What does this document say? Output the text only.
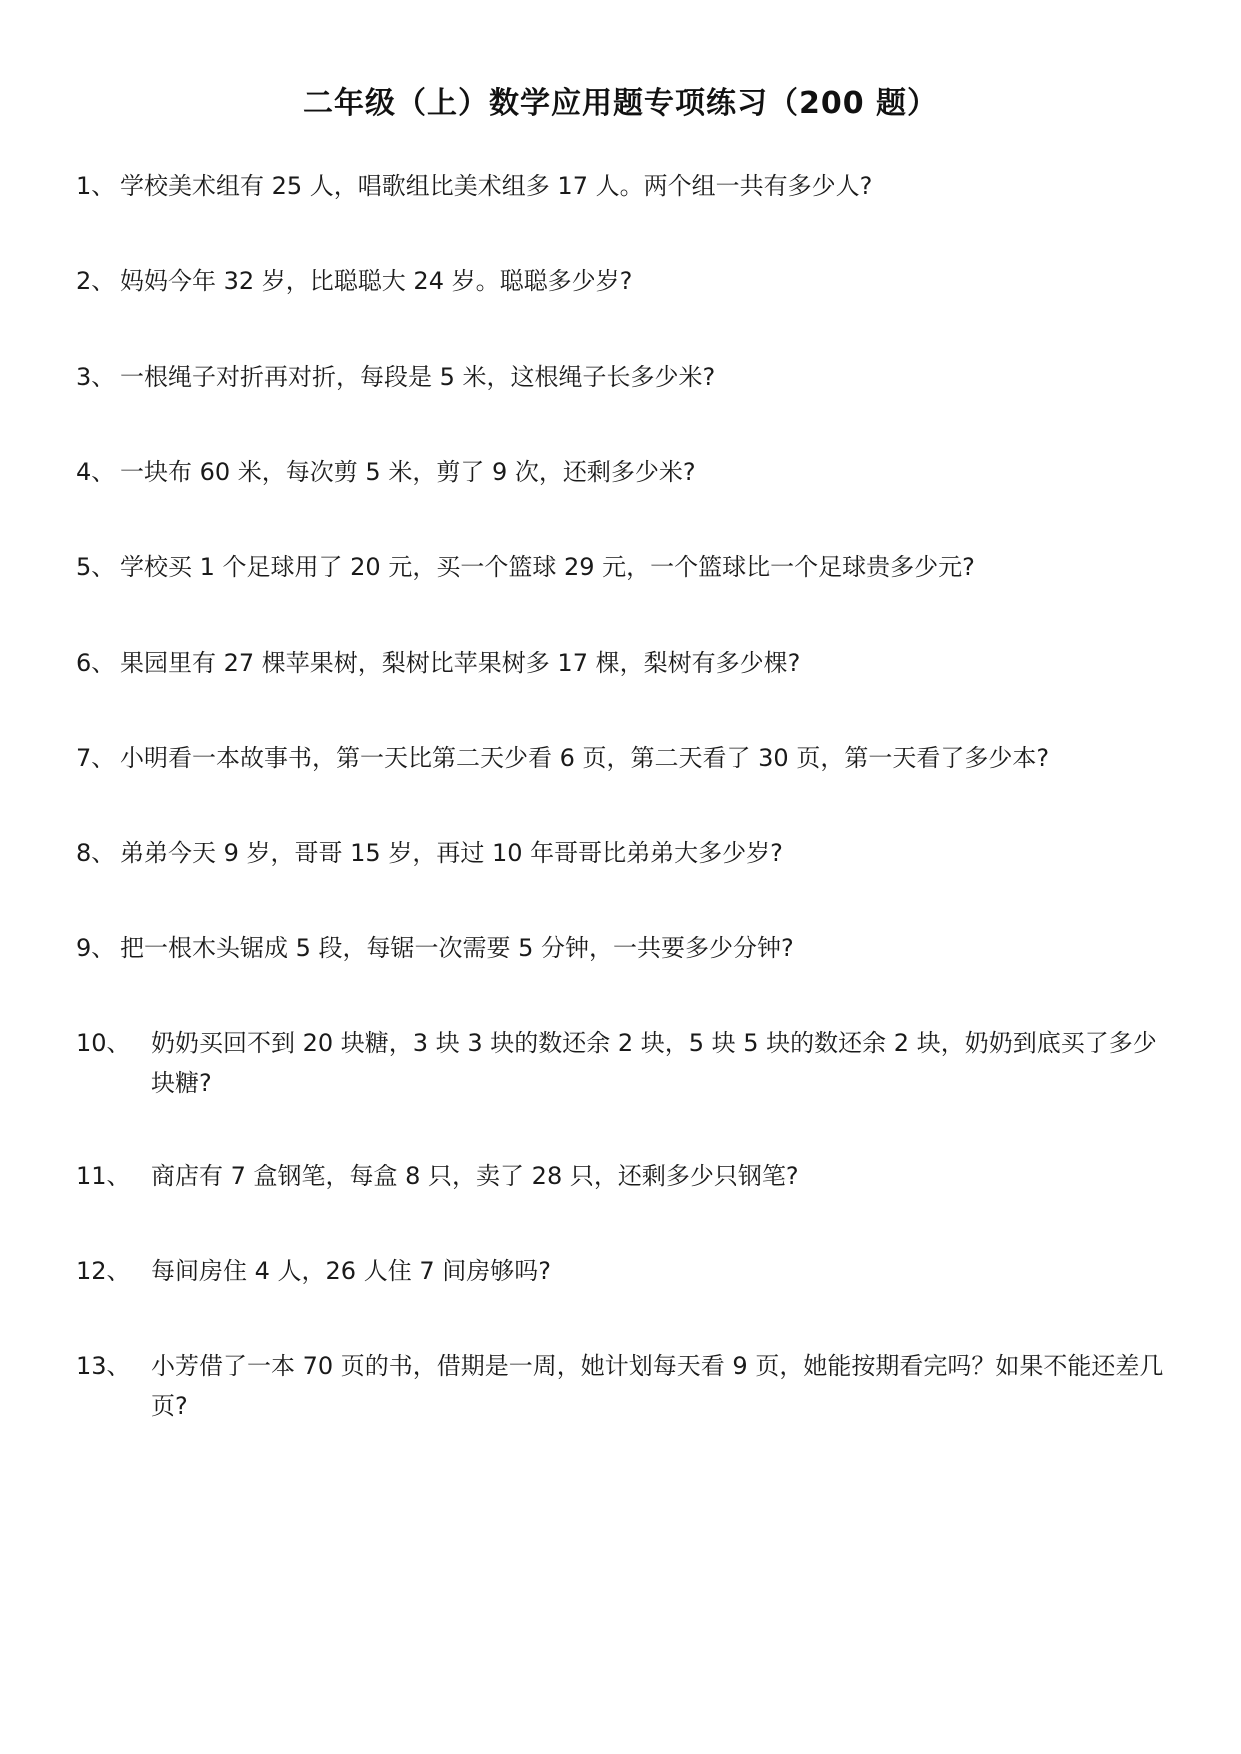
二年级（上）数学应用题专项练习（200 题）
1、 学校美术组有 25 人，唱歌组比美术组多 17 人。两个组一共有多少人?
2、 妈妈今年 32 岁，比聪聪大 24 岁。聪聪多少岁?
3、 一根绳子对折再对折，每段是 5 米，这根绳子长多少米?
4、 一块布 60 米，每次剪 5 米，剪了 9 次，还剩多少米?
5、 学校买 1 个足球用了 20 元，买一个篮球 29 元，一个篮球比一个足球贵多少元?
6、 果园里有 27 棵苹果树，梨树比苹果树多 17 棵，梨树有多少棵?
7、 小明看一本故事书，第一天比第二天少看 6 页，第二天看了 30 页，第一天看了多少本?
8、 弟弟今天 9 岁，哥哥 15 岁，再过 10 年哥哥比弟弟大多少岁?
9、 把一根木头锯成 5 段，每锯一次需要 5 分钟，一共要多少分钟?
10、 奶奶买回不到 20 块糖，3 块 3 块的数还余 2 块，5 块 5 块的数还余 2 块，奶奶到底买了多少块糖?
11、 商店有 7 盒钢笔，每盒 8 只，卖了 28 只，还剩多少只钢笔?
12、 每间房住 4 人，26 人住 7 间房够吗?
13、 小芳借了一本 70 页的书，借期是一周，她计划每天看 9 页，她能按期看完吗？如果不能还差几页?
